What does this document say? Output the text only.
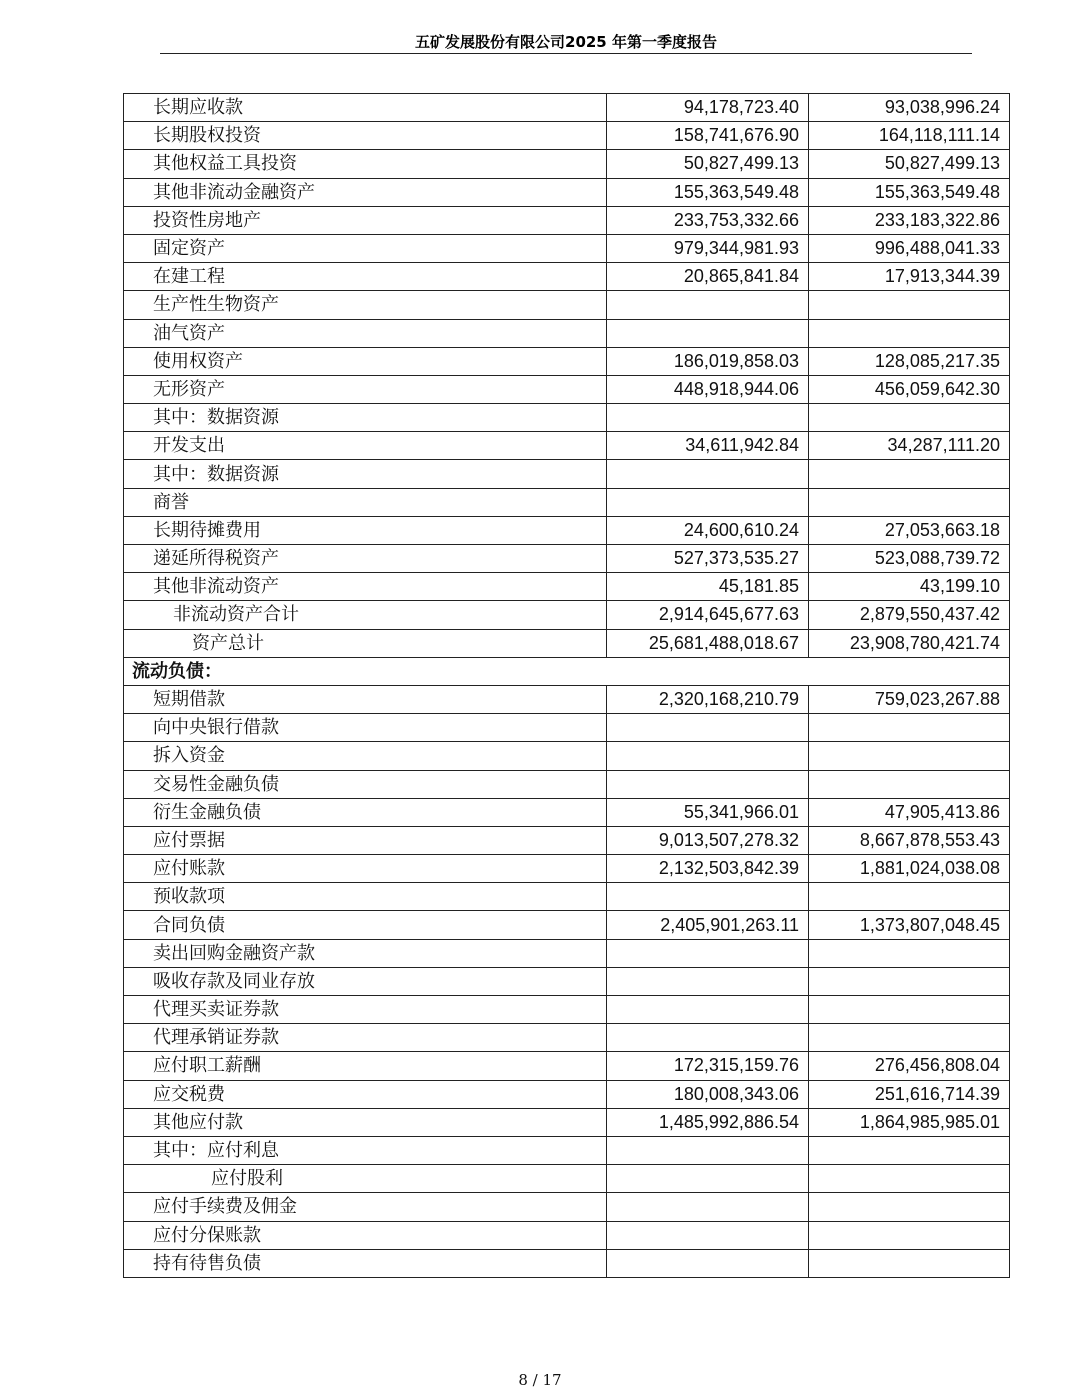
五矿发展股份有限公司2025 年第一季度报告
长期应收款	94,178,723.40	93,038,996.24
长期股权投资	158,741,676.90	164,118,111.14
其他权益工具投资	50,827,499.13	50,827,499.13
其他非流动金融资产	155,363,549.48	155,363,549.48
投资性房地产	233,753,332.66	233,183,322.86
固定资产	979,344,981.93	996,488,041.33
在建工程	20,865,841.84	17,913,344.39
生产性生物资产		
油气资产		
使用权资产	186,019,858.03	128,085,217.35
无形资产	448,918,944.06	456,059,642.30
其中：数据资源		
开发支出	34,611,942.84	34,287,111.20
其中：数据资源		
商誉		
长期待摊费用	24,600,610.24	27,053,663.18
递延所得税资产	527,373,535.27	523,088,739.72
其他非流动资产	45,181.85	43,199.10
非流动资产合计	2,914,645,677.63	2,879,550,437.42
资产总计	25,681,488,018.67	23,908,780,421.74
流动负债：		
短期借款	2,320,168,210.79	759,023,267.88
向中央银行借款		
拆入资金		
交易性金融负债		
衍生金融负债	55,341,966.01	47,905,413.86
应付票据	9,013,507,278.32	8,667,878,553.43
应付账款	2,132,503,842.39	1,881,024,038.08
预收款项		
合同负债	2,405,901,263.11	1,373,807,048.45
卖出回购金融资产款		
吸收存款及同业存放		
代理买卖证券款		
代理承销证券款		
应付职工薪酬	172,315,159.76	276,456,808.04
应交税费	180,008,343.06	251,616,714.39
其他应付款	1,485,992,886.54	1,864,985,985.01
其中：应付利息		
应付股利		
应付手续费及佣金		
应付分保账款		
持有待售负债		
8 / 17
